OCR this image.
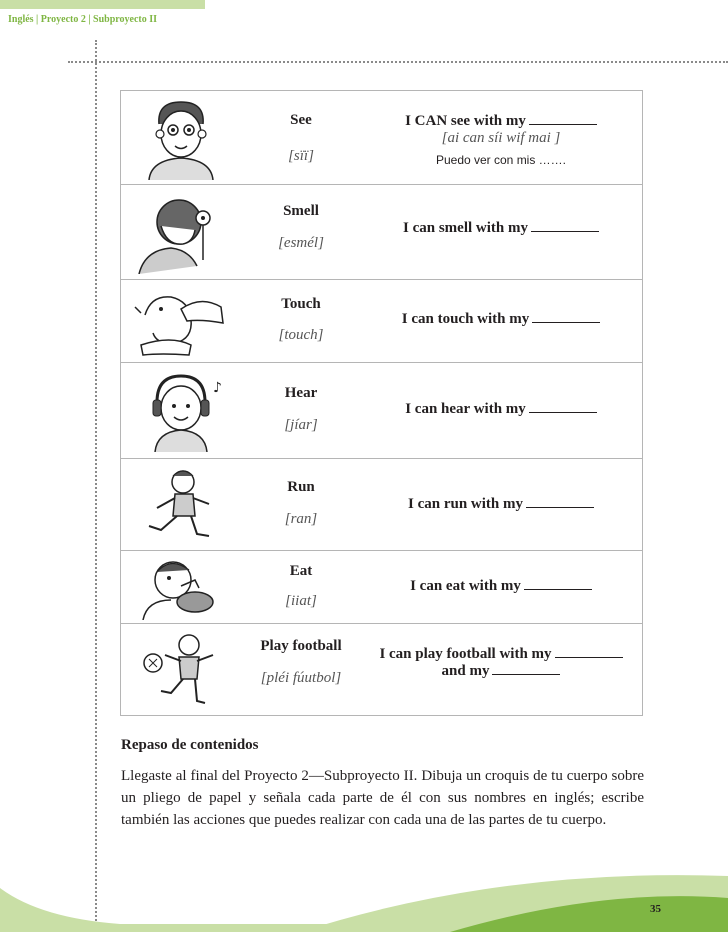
Inglés | Proyecto 2 | Subproyecto II
See
[sïï]
I CAN see with my
[ai can síi wif mai ]
Puedo ver con mis …….
Smell
[esmél]
I can smell with my
Touch
[touch]
I can touch with my
♪	Hear
[jíar]
I can hear with my
Run
[ran]
I can run with my
Eat
[iiat]
I can eat with my
Play football
[pléi fúutbol]
I can play football with my
and my
Repaso de contenidos
Llegaste al final del Proyecto 2—Subproyecto II. Dibuja un croquis de tu cuerpo sobre un pliego de papel y señala cada parte de él con sus nombres en inglés; escribe también las acciones que puedes realizar con cada una de las partes de tu cuerpo.
35
